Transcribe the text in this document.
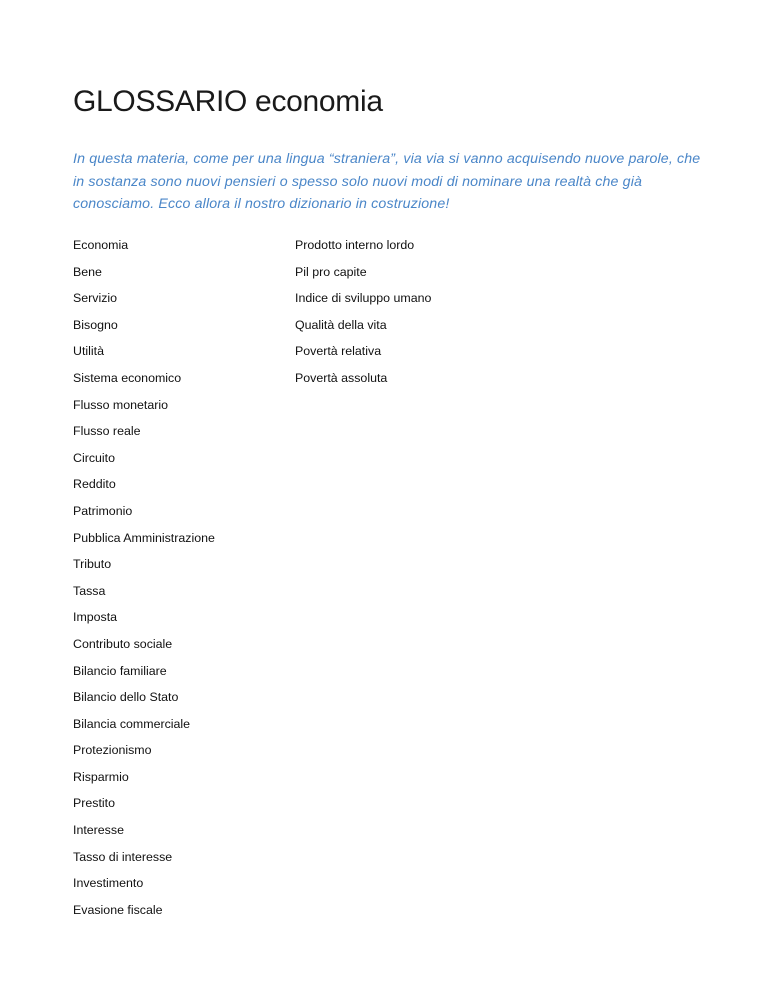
GLOSSARIO economia

In questa materia, come per una lingua “straniera”, via via si vanno acquisendo nuove parole, che in sostanza sono nuovi pensieri o spesso solo nuovi modi di nominare una realtà che già conosciamo. Ecco allora il nostro dizionario in costruzione!

Economia
Bene
Servizio
Bisogno
Utilità
Sistema economico
Flusso monetario
Flusso reale
Circuito
Reddito
Patrimonio
Pubblica Amministrazione
Tributo
Tassa
Imposta
Contributo sociale
Bilancio familiare
Bilancio dello Stato
Bilancia commerciale
Protezionismo
Risparmio
Prestito
Interesse
Tasso di interesse
Investimento
Evasione fiscale
Prodotto interno lordo
Pil pro capite
Indice di sviluppo umano
Qualità della vita
Povertà relativa
Povertà assoluta
